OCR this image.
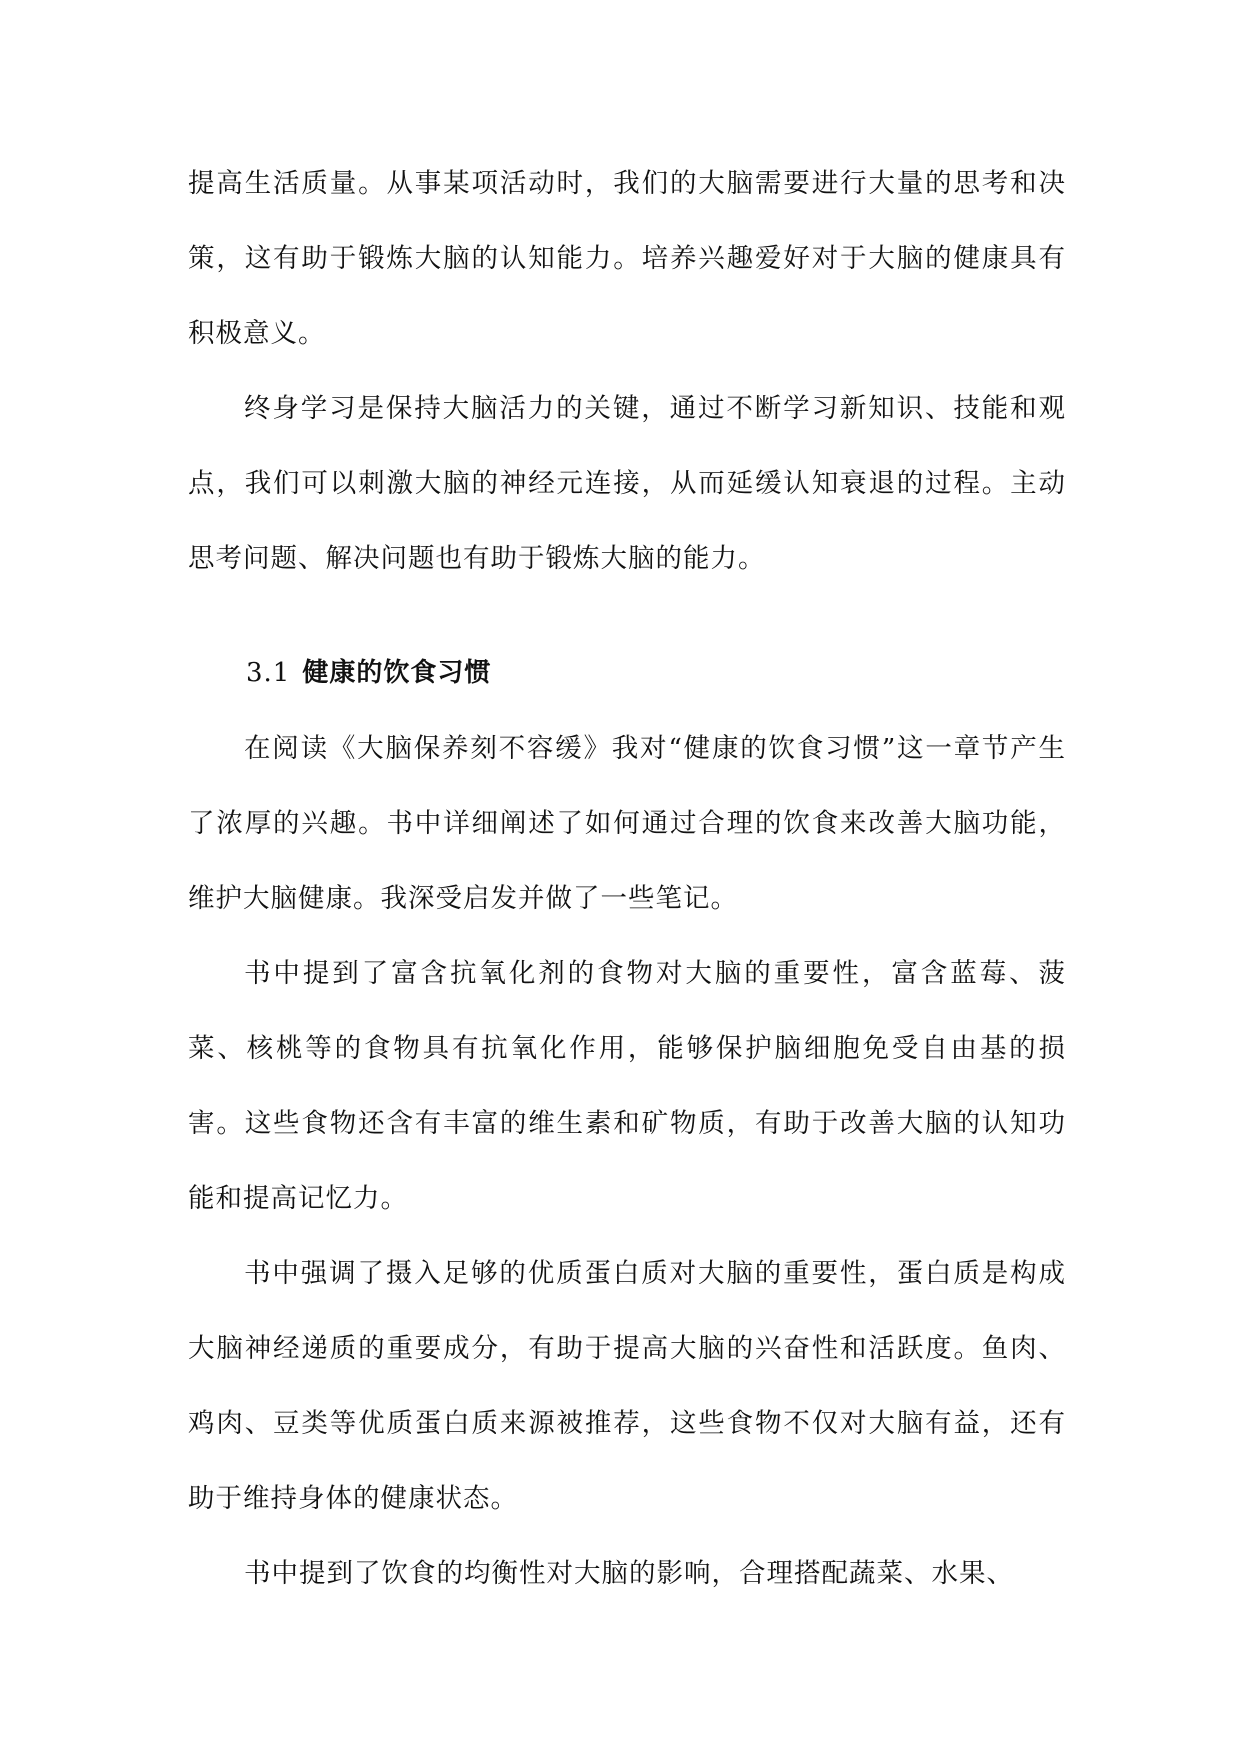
提高生活质量。从事某项活动时，我们的大脑需要进行大量的思考和决策，这有助于锻炼大脑的认知能力。培养兴趣爱好对于大脑的健康具有积极意义。

终身学习是保持大脑活力的关键，通过不断学习新知识、技能和观点，我们可以刺激大脑的神经元连接，从而延缓认知衰退的过程。主动思考问题、解决问题也有助于锻炼大脑的能力。

3.1 健康的饮食习惯

在阅读《大脑保养刻不容缓》我对“健康的饮食习惯”这一章节产生了浓厚的兴趣。书中详细阐述了如何通过合理的饮食来改善大脑功能，维护大脑健康。我深受启发并做了一些笔记。

书中提到了富含抗氧化剂的食物对大脑的重要性，富含蓝莓、菠菜、核桃等的食物具有抗氧化作用，能够保护脑细胞免受自由基的损害。这些食物还含有丰富的维生素和矿物质，有助于改善大脑的认知功能和提高记忆力。

书中强调了摄入足够的优质蛋白质对大脑的重要性，蛋白质是构成大脑神经递质的重要成分，有助于提高大脑的兴奋性和活跃度。鱼肉、鸡肉、豆类等优质蛋白质来源被推荐，这些食物不仅对大脑有益，还有助于维持身体的健康状态。

书中提到了饮食的均衡性对大脑的影响，合理搭配蔬菜、水果、
